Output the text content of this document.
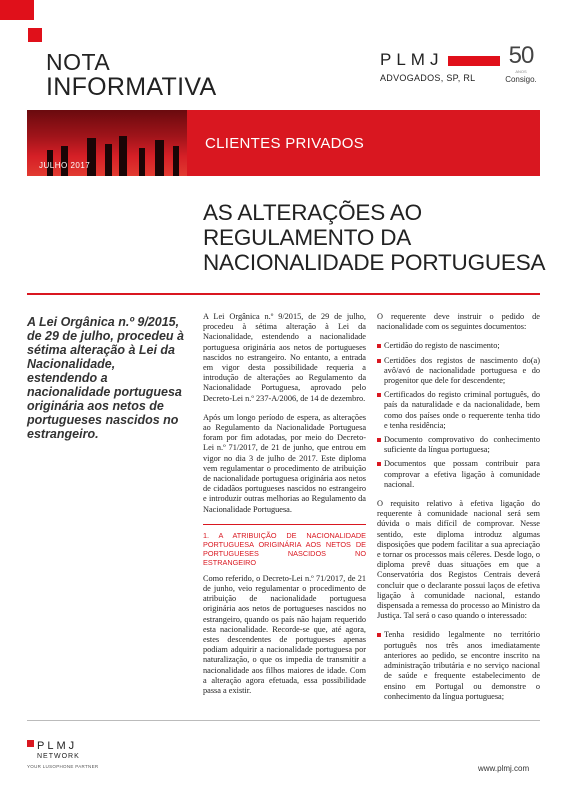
NOTA
INFORMATIVA
PLMJ
ADVOGADOS, SP, RL
50
ANOS
Consigo.
JULHO 2017
CLIENTES PRIVADOS
AS ALTERAÇÕES AO
REGULAMENTO DA
NACIONALIDADE PORTUGUESA
A Lei Orgânica n.º 9/2015, de 29 de julho, procedeu à sétima alteração à Lei da Nacionalidade, estendendo a nacionalidade portuguesa originária aos netos de portugueses nascidos no estrangeiro.

A Lei Orgânica n.º 9/2015, de 29 de julho, procedeu à sétima alteração à Lei da Nacionalidade, estendendo a nacionalidade portuguesa originária aos netos de portugueses nascidos no estrangeiro. No entanto, a entrada em vigor desta possibilidade requeria a introdução de alterações ao Regulamento da Nacionalidade Portuguesa, aprovado pelo Decreto-Lei n.º 237-A/2006, de 14 de dezembro.

Após um longo período de espera, as alterações ao Regulamento da Nacionalidade Portuguesa foram por fim adotadas, por meio do Decreto-Lei n.º 71/2017, de 21 de junho, que entrou em vigor no dia 3 de julho de 2017. Este diploma vem regulamentar o procedimento de atribuição de nacionalidade portuguesa originária aos netos de cidadãos portugueses nascidos no estrangeiro e introduzir outras melhorias ao Regulamento da Nacionalidade Portuguesa.

1. A ATRIBUIÇÃO DE NACIONALIDADE PORTUGUESA ORIGINÁRIA AOS NETOS DE PORTUGUESES NASCIDOS NO ESTRANGEIRO

Como referido, o Decreto-Lei n.º 71/2017, de 21 de junho, veio regulamentar o procedimento de atribuição de nacionalidade portuguesa originária aos netos de portugueses nascidos no estrangeiro, quando os país não hajam requerido esta nacionalidade. Recorde-se que, até agora, estes descendentes de portugueses apenas podiam adquirir a nacionalidade portuguesa por naturalização, o que os impedia de transmitir a nacionalidade aos filhos maiores de idade. Com a alteração agora efetuada, essa possibilidade passa a existir.

O requerente deve instruir o pedido de nacionalidade com os seguintes documentos:

Certidão do registo de nascimento;
Certidões dos registos de nascimento do(a) avô/avó de nacionalidade portuguesa e do progenitor que dele for descendente;
Certificados do registo criminal português, do país da naturalidade e da nacionalidade, bem como dos países onde o requerente tenha tido e tenha residência;
Documento comprovativo do conhecimento suficiente da língua portuguesa;
Documentos que possam contribuir para comprovar a efetiva ligação à comunidade nacional.

O requisito relativo à efetiva ligação do requerente à comunidade nacional será sem dúvida o mais difícil de comprovar. Nesse sentido, este diploma introduz algumas disposições que podem facilitar a sua apreciação e tornar os processos mais céleres. Desde logo, o diploma prevê duas situações em que a Conservatória dos Registos Centrais deverá concluir que o declarante possui laços de efetiva ligação à comunidade nacional, estando dispensada a remessa do processo ao Ministro da Justiça. Tal será o caso quando o interessado:

Tenha residido legalmente no território português nos três anos imediatamente anteriores ao pedido, se encontre inscrito na administração tributária e no serviço nacional de saúde e frequente estabelecimento de ensino em Portugal ou demonstre o conhecimento da língua portuguesa;
PLMJ
NETWORK
YOUR LUSOPHONE PARTNER	www.plmj.com
